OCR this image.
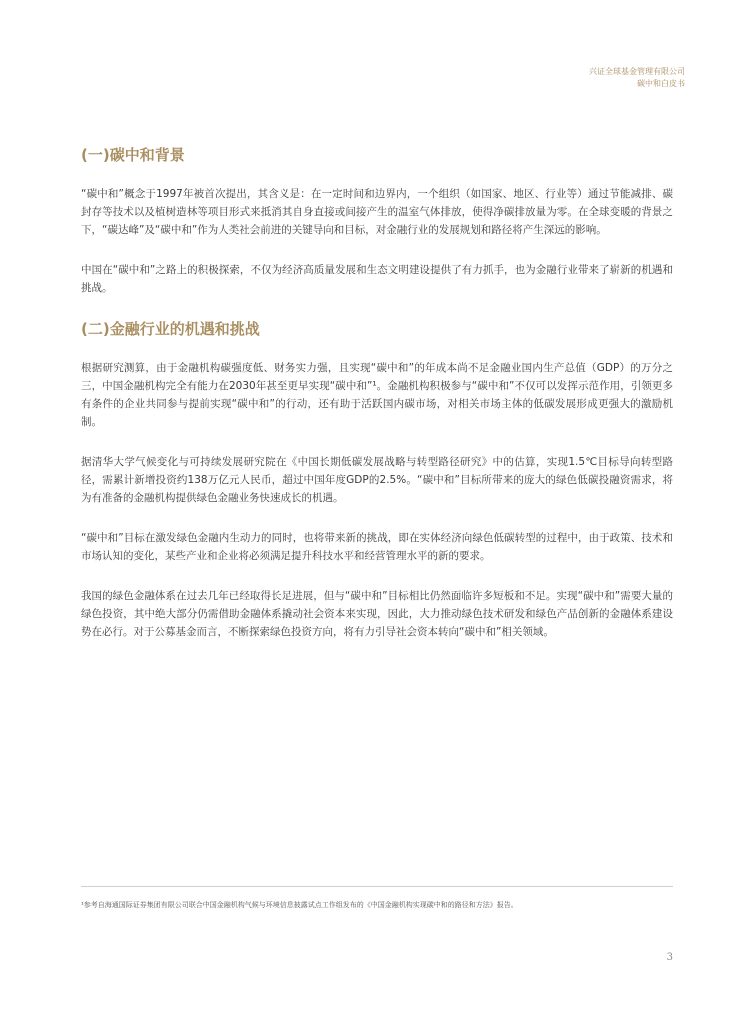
兴证全球基金管理有限公司
碳中和白皮书
(一)碳中和背景

“碳中和”概念于1997年被首次提出，其含义是：在一定时间和边界内，一个组织（如国家、地区、行业等）通过节能减排、碳封存等技术以及植树造林等项目形式来抵消其自身直接或间接产生的温室气体排放，使得净碳排放量为零。在全球变暖的背景之下，“碳达峰”及“碳中和”作为人类社会前进的关键导向和目标，对金融行业的发展规划和路径将产生深远的影响。

中国在“碳中和”之路上的积极探索，不仅为经济高质量发展和生态文明建设提供了有力抓手，也为金融行业带来了崭新的机遇和挑战。

(二)金融行业的机遇和挑战

根据研究测算，由于金融机构碳强度低、财务实力强，且实现“碳中和”的年成本尚不足金融业国内生产总值（GDP）的万分之三，中国金融机构完全有能力在2030年甚至更早实现“碳中和”¹。金融机构积极参与“碳中和”不仅可以发挥示范作用，引领更多有条件的企业共同参与提前实现“碳中和”的行动，还有助于活跃国内碳市场，对相关市场主体的低碳发展形成更强大的激励机制。

据清华大学气候变化与可持续发展研究院在《中国长期低碳发展战略与转型路径研究》中的估算，实现1.5℃目标导向转型路径，需累计新增投资约138万亿元人民币，超过中国年度GDP的2.5%。“碳中和”目标所带来的庞大的绿色低碳投融资需求，将为有准备的金融机构提供绿色金融业务快速成长的机遇。

“碳中和”目标在激发绿色金融内生动力的同时，也将带来新的挑战，即在实体经济向绿色低碳转型的过程中，由于政策、技术和市场认知的变化，某些产业和企业将必须满足提升科技水平和经营管理水平的新的要求。

我国的绿色金融体系在过去几年已经取得长足进展，但与“碳中和”目标相比仍然面临许多短板和不足。实现“碳中和”需要大量的绿色投资，其中绝大部分仍需借助金融体系撬动社会资本来实现，因此，大力推动绿色技术研发和绿色产品创新的金融体系建设势在必行。对于公募基金而言，不断探索绿色投资方向，将有力引导社会资本转向“碳中和”相关领域。

¹参考自海通国际证券集团有限公司联合中国金融机构气候与环境信息披露试点工作组发布的《中国金融机构实现碳中和的路径和方法》报告。
3
